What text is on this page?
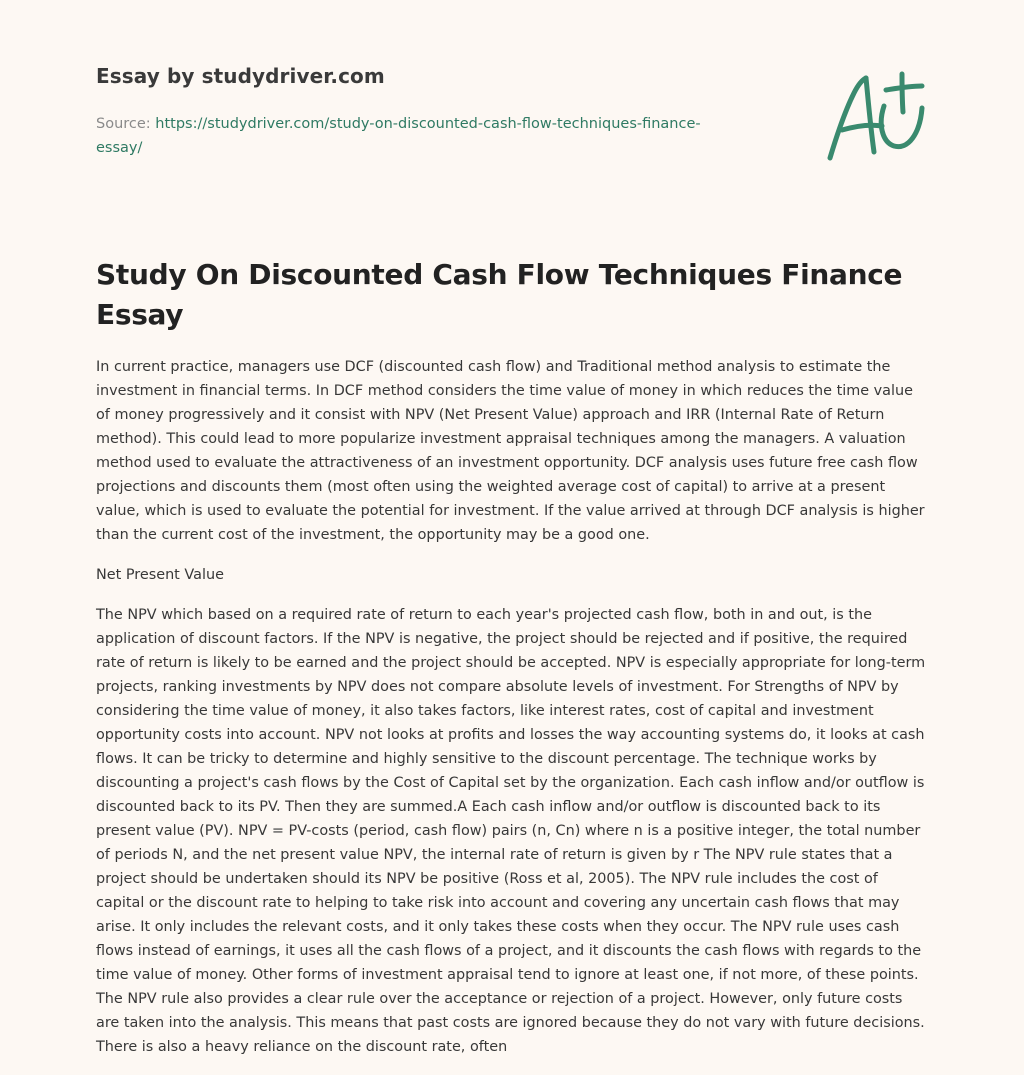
Essay by studydriver.com
Source: https://studydriver.com/study-on-discounted-cash-flow-techniques-finance-essay/
Study On Discounted Cash Flow Techniques Finance Essay

In current practice, managers use DCF (discounted cash flow) and Traditional method analysis to estimate the investment in financial terms. In DCF method considers the time value of money in which reduces the time value of money progressively and it consist with NPV (Net Present Value) approach and IRR (Internal Rate of Return method). This could lead to more popularize investment appraisal techniques among the managers. A valuation method used to evaluate the attractiveness of an investment opportunity. DCF analysis uses future free cash flow projections and discounts them (most often using the weighted average cost of capital) to arrive at a present value, which is used to evaluate the potential for investment. If the value arrived at through DCF analysis is higher than the current cost of the investment, the opportunity may be a good one.

Net Present Value

The NPV which based on a required rate of return to each year's projected cash flow, both in and out, is the application of discount factors. If the NPV is negative, the project should be rejected and if positive, the required rate of return is likely to be earned and the project should be accepted. NPV is especially appropriate for long-term projects, ranking investments by NPV does not compare absolute levels of investment. For Strengths of NPV by considering the time value of money, it also takes factors, like interest rates, cost of capital and investment opportunity costs into account. NPV not looks at profits and losses the way accounting systems do, it looks at cash flows. It can be tricky to determine and highly sensitive to the discount percentage. The technique works by discounting a project's cash flows by the Cost of Capital set by the organization. Each cash inflow and/or outflow is discounted back to its PV. Then they are summed.A Each cash inflow and/or outflow is discounted back to its present value (PV). NPV = PV-costs (period, cash flow) pairs (n, Cn) where n is a positive integer, the total number of periods N, and the net present value NPV, the internal rate of return is given by r The NPV rule states that a project should be undertaken should its NPV be positive (Ross et al, 2005). The NPV rule includes the cost of capital or the discount rate to helping to take risk into account and covering any uncertain cash flows that may arise. It only includes the relevant costs, and it only takes these costs when they occur. The NPV rule uses cash flows instead of earnings, it uses all the cash flows of a project, and it discounts the cash flows with regards to the time value of money. Other forms of investment appraisal tend to ignore at least one, if not more, of these points. The NPV rule also provides a clear rule over the acceptance or rejection of a project. However, only future costs are taken into the analysis. This means that past costs are ignored because they do not vary with future decisions. There is also a heavy reliance on the discount rate, often
